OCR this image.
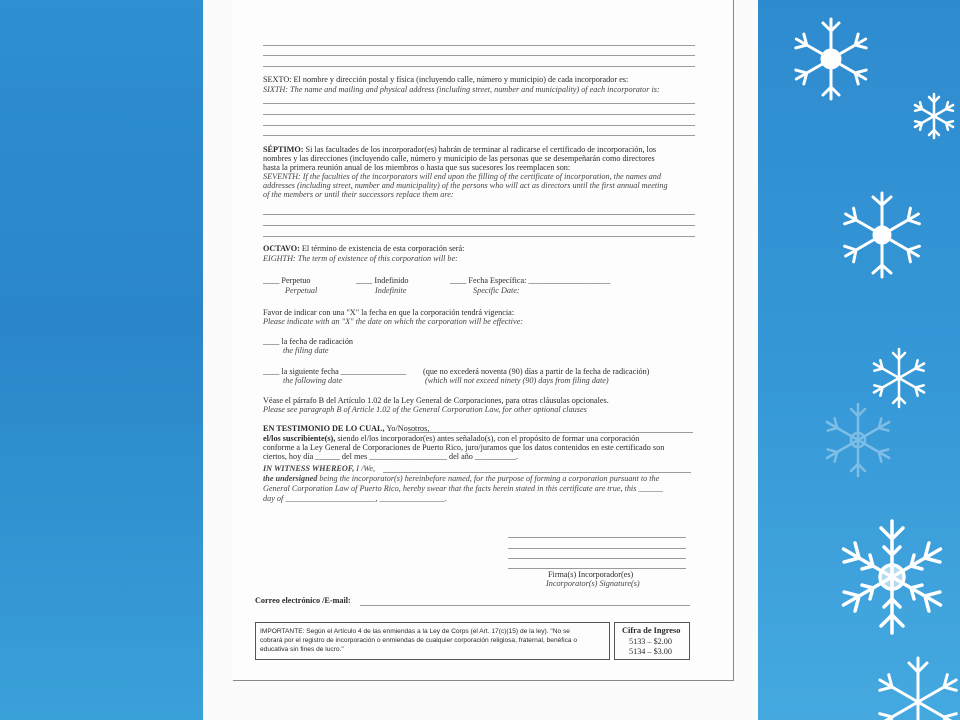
SEXTO: El nombre y dirección postal y física (incluyendo calle, número y municipio) de cada incorporador es:
SIXTH: The name and mailing and physical address (including street, number and municipality) of each incorporator is:
SÉPTIMO: Si las facultades de los incorporador(es) habrán de terminar al radicarse el certificado de incorporación, los
nombres y las direcciones (incluyendo calle, número y municipio de las personas que se desempeñarán como directores
hasta la primera reunión anual de los miembros o hasta que sus sucesores los reemplacen son:
SEVENTH: If the faculties of the incorporators will end upon the filling of the certificate of incorporation, the names and
addresses (including street, number and municipality) of the persons who will act as directors until the first annual meeting
of the members or until their successors replace them are:
OCTAVO: El término de existencia de esta corporación será:
EIGHTH: The term of existence of this corporation will be:
____ Perpetuo
Perpetual
____ Indefinido
Indefinite
____ Fecha Específica: ____________________
Specific Date:
Favor de indicar con una "X" la fecha en que la corporación tendrá vigencia:
Please indicate with an "X" the date on which the corporation will be effective:
____ la fecha de radicación
the filing date
____ la siguiente fecha ________________
the following date
(que no excederá noventa (90) días a partir de la fecha de radicación)
(which will not exceed ninety (90) days from filing date)
Véase el párrafo B del Artículo 1.02 de la Ley General de Corporaciones, para otras cláusulas opcionales.
Please see paragraph B of Article 1.02 of the General Corporation Law, for other optional clauses
EN TESTIMONIO DE LO CUAL, Yo/Nosotros,
el/los suscribiente(s), siendo el/los incorporador(es) antes señalado(s), con el propósito de formar una corporación
conforme a la Ley General de Corporaciones de Puerto Rico, juro/juramos que los datos contenidos en este certificado son
ciertos, hoy día ______ del mes ___________________ del año __________.
IN WITNESS WHEREOF, I /We,
the undersigned being the incorporator(s) hereinbefore named, for the purpose of forming a corporation pursuant to the
General Corporation Law of Puerto Rico, hereby swear that the facts herein stated in this certificate are true, this ______
day of ______________________, ________________.
Firma(s) Incorporador(es)
Incorporator(s) Signature(s)
Correo electrónico /E-mail:
IMPORTANTE: Según el Artículo 4 de las enmiendas a la Ley de Corps (el Art. 17(c)(15) de la ley). "No se
cobrará por el registro de incorporación o enmiendas de cualquier corporación religiosa, fraternal, benéfica o
educativa sin fines de lucro."
Cifra de Ingreso
5133 – $2.00
5134 – $3.00
